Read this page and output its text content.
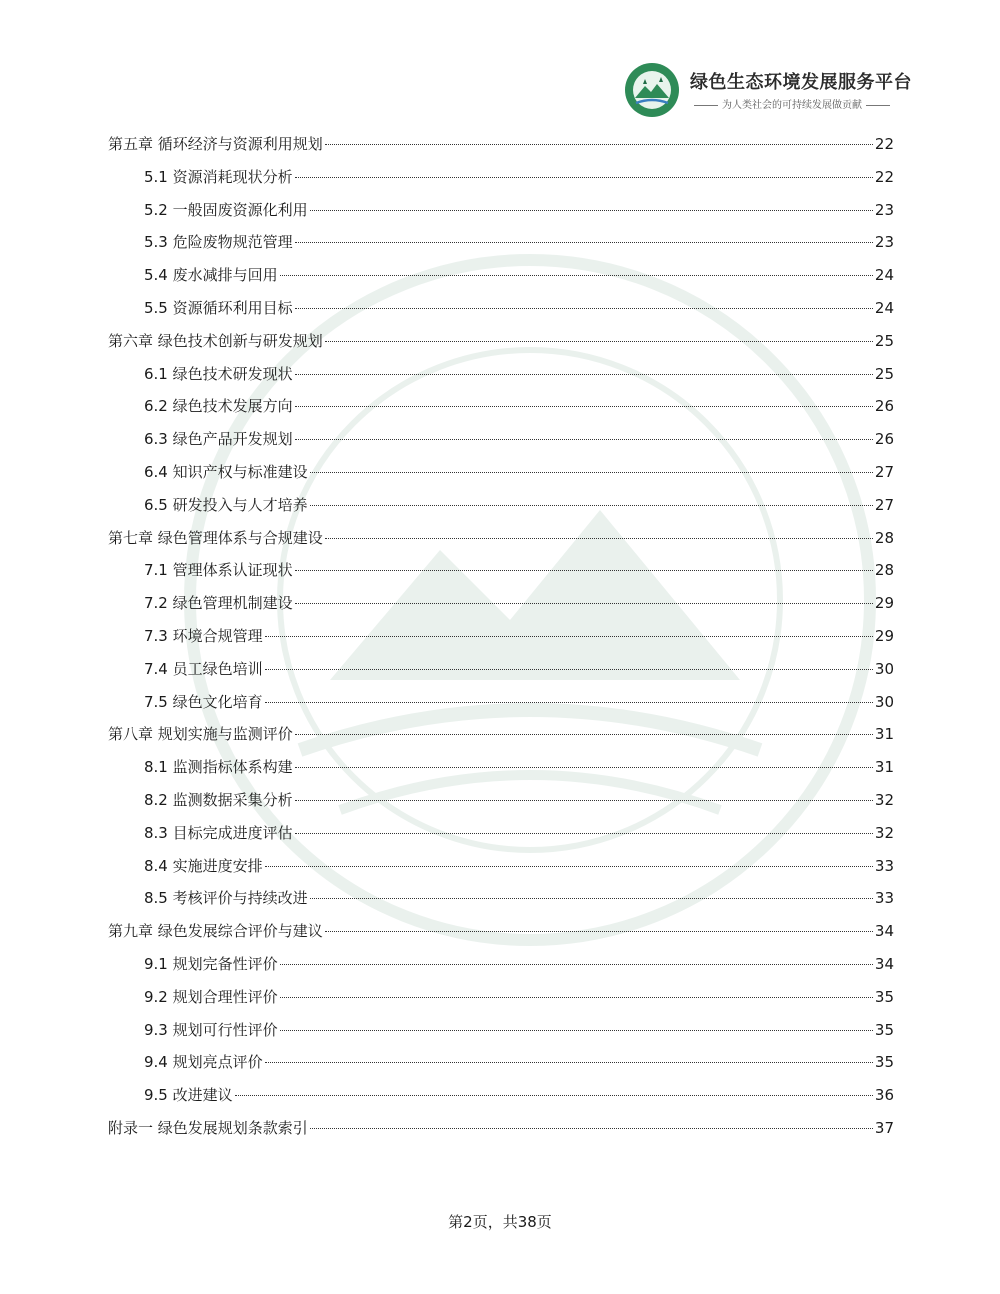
绿色生态环境发展服务平台
为人类社会的可持续发展做贡献
第五章 循环经济与资源利用规划	22
5.1 资源消耗现状分析	22
5.2 一般固废资源化利用	23
5.3 危险废物规范管理	23
5.4 废水减排与回用	24
5.5 资源循环利用目标	24
第六章 绿色技术创新与研发规划	25
6.1 绿色技术研发现状	25
6.2 绿色技术发展方向	26
6.3 绿色产品开发规划	26
6.4 知识产权与标准建设	27
6.5 研发投入与人才培养	27
第七章 绿色管理体系与合规建设	28
7.1 管理体系认证现状	28
7.2 绿色管理机制建设	29
7.3 环境合规管理	29
7.4 员工绿色培训	30
7.5 绿色文化培育	30
第八章 规划实施与监测评价	31
8.1 监测指标体系构建	31
8.2 监测数据采集分析	32
8.3 目标完成进度评估	32
8.4 实施进度安排	33
8.5 考核评价与持续改进	33
第九章 绿色发展综合评价与建议	34
9.1 规划完备性评价	34
9.2 规划合理性评价	35
9.3 规划可行性评价	35
9.4 规划亮点评价	35
9.5 改进建议	36
附录一 绿色发展规划条款索引	37
第2页，共38页
